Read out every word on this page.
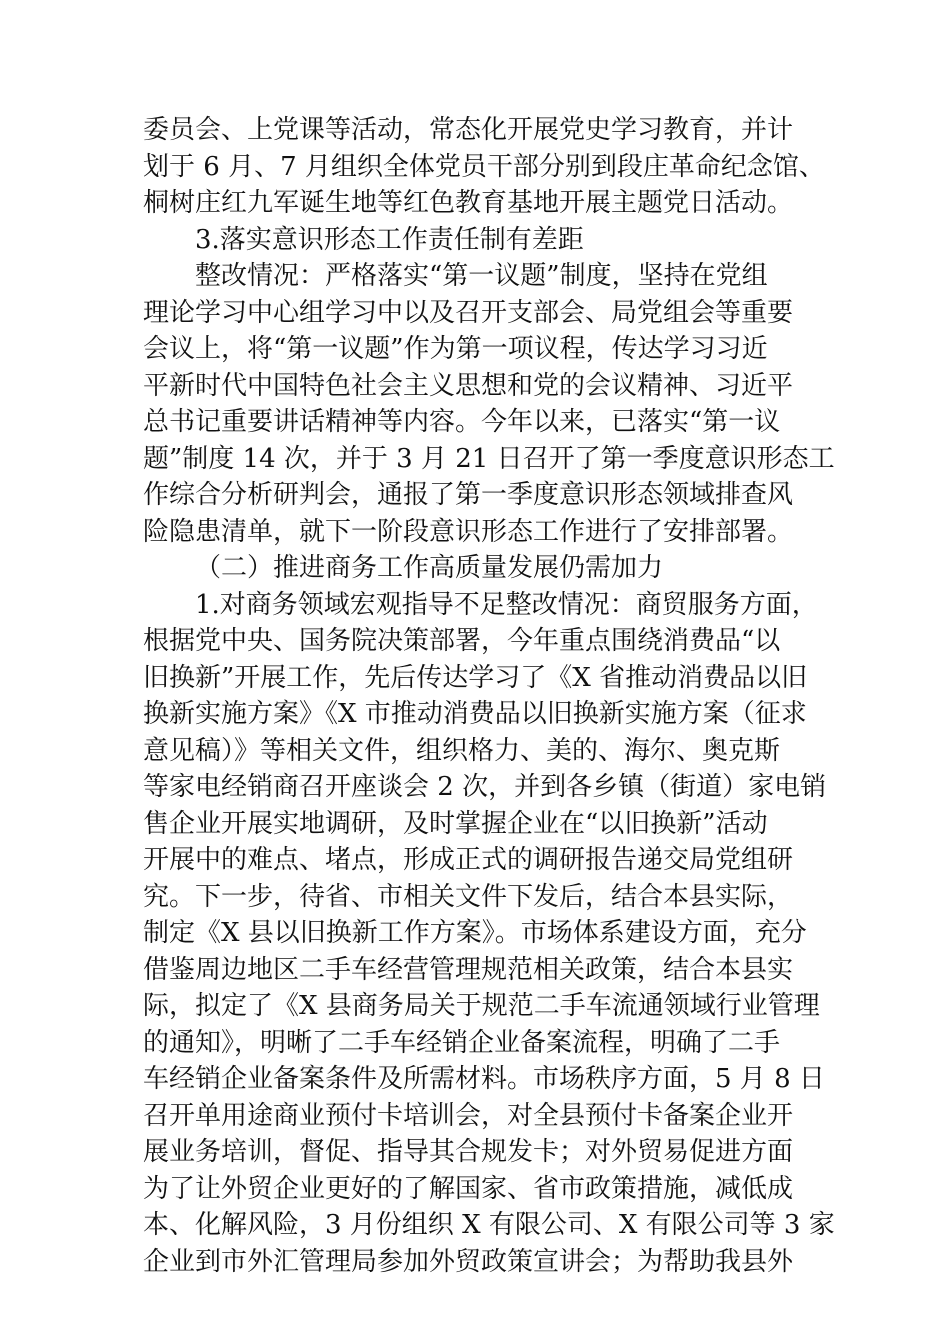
委员会、上党课等活动，常态化开展党史学习教育，并计
划于 6 月、7 月组织全体党员干部分别到段庄革命纪念馆、
桐树庄红九军诞生地等红色教育基地开展主题党日活动。
3.落实意识形态工作责任制有差距
整改情况：严格落实“第一议题”制度，坚持在党组
理论学习中心组学习中以及召开支部会、局党组会等重要
会议上，将“第一议题”作为第一项议程，传达学习习近
平新时代中国特色社会主义思想和党的会议精神、习近平
总书记重要讲话精神等内容。今年以来，已落实“第一议
题”制度 14 次，并于 3 月 21 日召开了第一季度意识形态工
作综合分析研判会，通报了第一季度意识形态领域排查风
险隐患清单，就下一阶段意识形态工作进行了安排部署。
（二）推进商务工作高质量发展仍需加力
1.对商务领域宏观指导不足整改情况：商贸服务方面，
根据党中央、国务院决策部署，今年重点围绕消费品“以
旧换新”开展工作，先后传达学习了《X 省推动消费品以旧
换新实施方案》《X 市推动消费品以旧换新实施方案（征求
意见稿）》等相关文件，组织格力、美的、海尔、奥克斯
等家电经销商召开座谈会 2 次，并到各乡镇（街道）家电销
售企业开展实地调研，及时掌握企业在“以旧换新”活动
开展中的难点、堵点，形成正式的调研报告递交局党组研
究。下一步，待省、市相关文件下发后，结合本县实际，
制定《X 县以旧换新工作方案》。市场体系建设方面，充分
借鉴周边地区二手车经营管理规范相关政策，结合本县实
际，拟定了《X 县商务局关于规范二手车流通领域行业管理
的通知》，明晰了二手车经销企业备案流程，明确了二手
车经销企业备案条件及所需材料。市场秩序方面，5 月 8 日
召开单用途商业预付卡培训会，对全县预付卡备案企业开
展业务培训，督促、指导其合规发卡；对外贸易促进方面
为了让外贸企业更好的了解国家、省市政策措施，减低成
本、化解风险，3 月份组织 X 有限公司、X 有限公司等 3 家
企业到市外汇管理局参加外贸政策宣讲会；为帮助我县外
